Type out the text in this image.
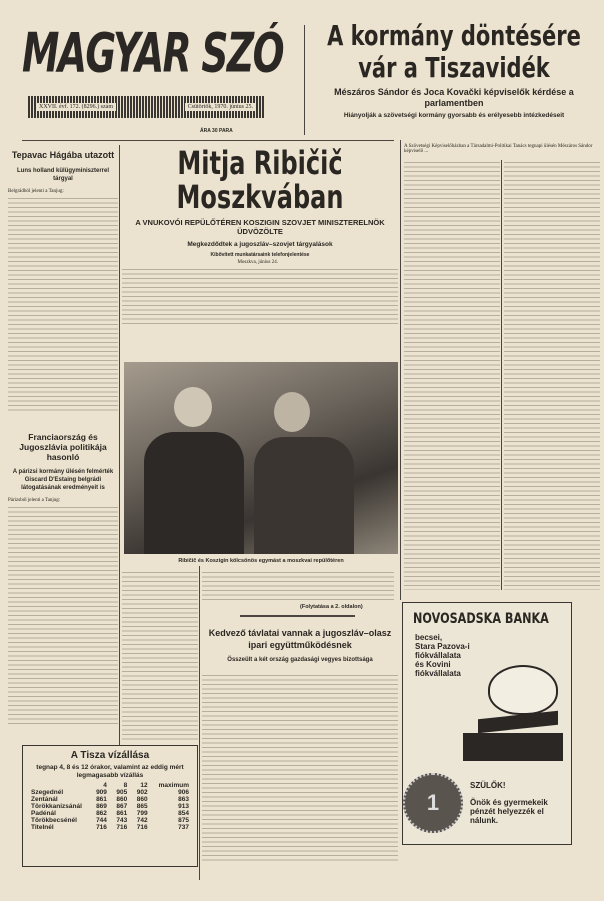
MAGYAR SZÓ
XXVII. évf. 172. (8296.) szám	Csütörtök, 1970. június 25.
ÁRA 30 PARA
A kormány döntésére vár a Tiszavidék
Mészáros Sándor és Joca Kovački képviselők kérdése a parlamentben
Hiányolják a szövetségi kormány gyorsabb és erélyesebb intézkedéseit
A Szövetségi Képviselőházban a Társadalmi-Politikai Tanács tegnapi ülésén Mészáros Sándor képviselő ...
Tepavac Hágába utazott
Luns holland külügyminiszterrel tárgyal
Belgrádból jelenti a Tanjug:
Franciaország és Jugoszlávia politikája hasonló
A párizsi kormány ülésén felmérték Giscard D'Estaing belgrádi látogatásának eredményeit is
Párizsból jelenti a Tanjug:
Mitja Ribičič
Moszkvában
A VNUKOVÓI REPÜLŐTÉREN KOSZIGIN SZOVJET MINISZTERELNÖK ÜDVÖZÖLTE
Megkezdődtek a jugoszláv–szovjet tárgyalások
Kibővített munkatársaink telefonjelentése
Moszkva, június 24.
Ribičič és Koszigin kölcsönös egymást a moszkvai repülőtéren
(Folytatása a 2. oldalon)
Kedvező távlatai vannak a jugoszláv–olasz ipari együttműködésnek
Összeült a két ország gazdasági vegyes bizottsága
A Tisza vízállása
tegnap 4, 8 és 12 órakor, valamint az eddig mért legmagasabb vízállás
	4	8	12	maximum
Szegednél	909	905	902	906
Zentánál	861	860	860	863
Törökkanizsánál	869	867	865	913
Padénál	862	861	799	854
Törökbecsénél	744	743	742	875
Titelnél	716	716	716	737
NOVOSADSKA BANKA
becsei,
Stara Pazova-i
fiókvállalata
és Kovini
fiókvállalata
1
SZÜLŐK!
Önök és gyermekeik pénzét helyezzék el nálunk.
